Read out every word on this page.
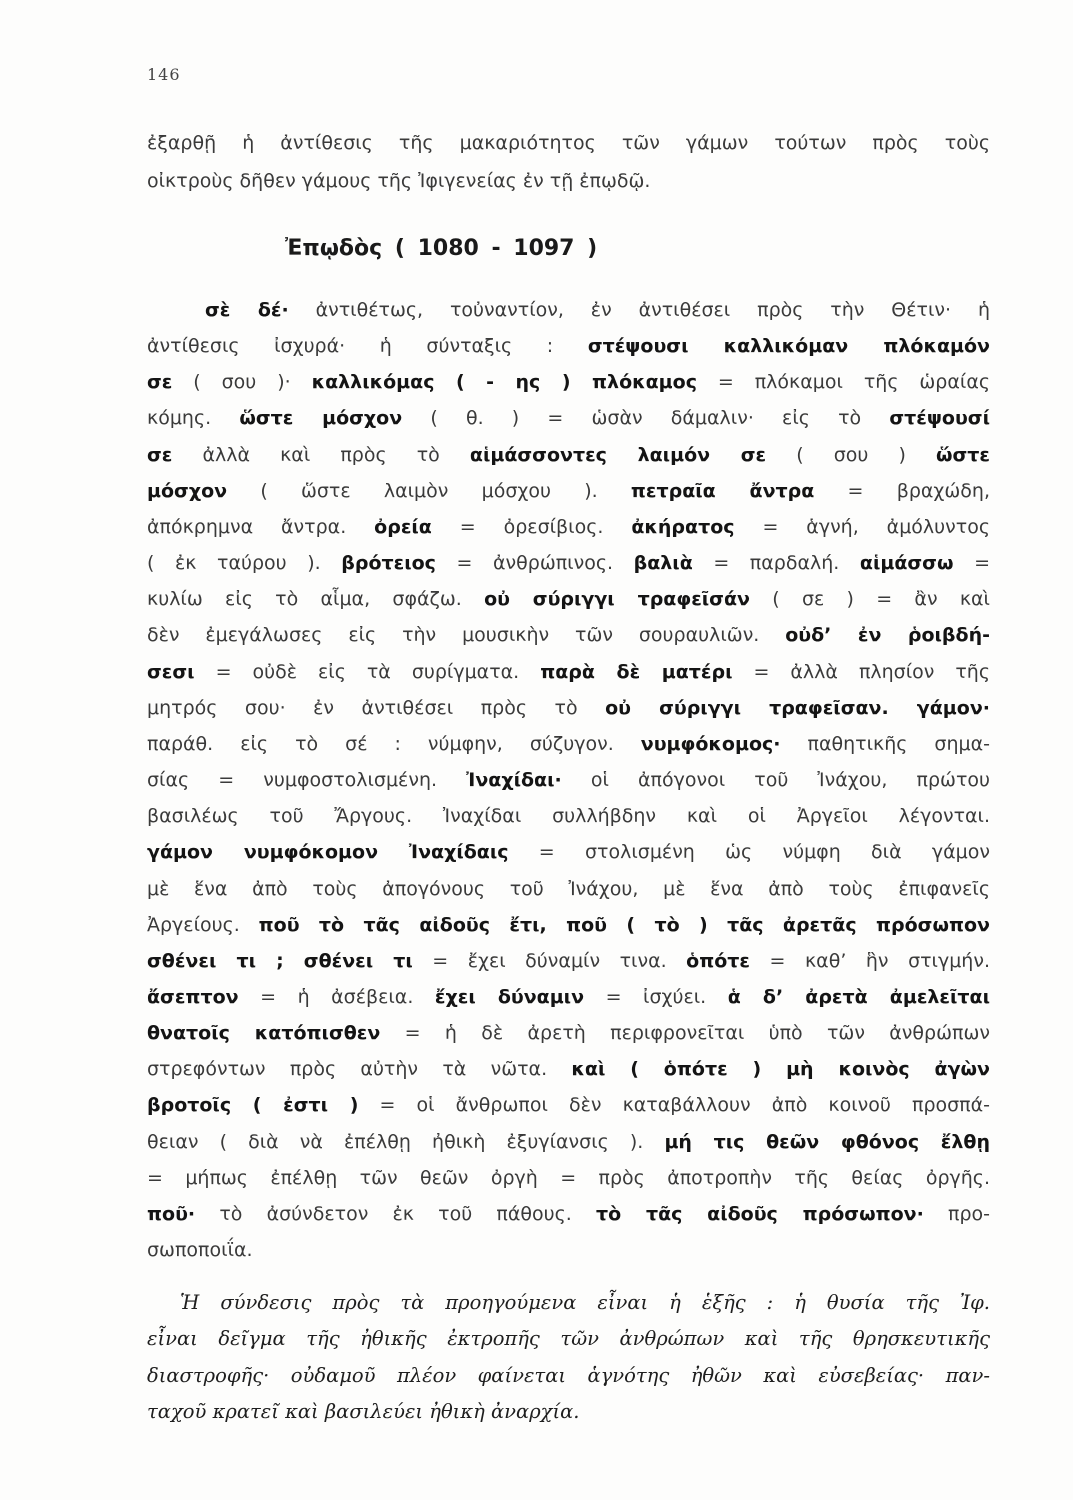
146
ἐξαρθῇ ἡ ἀντίθεσις τῆς μακαριότητος τῶν γάμων τούτων πρὸς τοὺς
οἰκτροὺς δῆθεν γάμους τῆς Ἰφιγενείας ἐν τῇ ἐπῳδῷ.
Ἐπῳδὸς ( 1080 - 1097 )
σὲ δέ· ἀντιθέτως, τοὐναντίον, ἐν ἀντιθέσει πρὸς τὴν Θέτιν· ἡ
ἀντίθεσις ἰσχυρά· ἡ σύνταξις : στέψουσι καλλικόμαν πλόκαμόν
σε ( σου )· καλλικόμας ( - ης ) πλόκαμος = πλόκαμοι τῆς ὡραίας
κόμης. ὥστε μόσχον ( θ. ) = ὡσὰν δάμαλιν· εἰς τὸ στέψουσί
σε ἀλλὰ καὶ πρὸς τὸ αἱμάσσοντες λαιμόν σε ( σου ) ὥστε
μόσχον ( ὥστε λαιμὸν μόσχου ). πετραῖα ἄντρα = βραχώδη,
ἀπόκρημνα ἄντρα. ὀρεία = ὀρεσίβιος. ἀκήρατος = ἁγνή, ἀμόλυντος
( ἐκ ταύρου ). βρότειος = ἀνθρώπινος. βαλιὰ = παρδαλή. αἱμάσσω =
κυλίω εἰς τὸ αἷμα, σφάζω. οὐ σύριγγι τραφεῖσάν ( σε ) = ἂν καὶ
δὲν ἐμεγάλωσες εἰς τὴν μουσικὴν τῶν σουραυλιῶν. οὐδ’ ἐν ῥοιβδή-
σεσι = οὐδὲ εἰς τὰ συρίγματα. παρὰ δὲ ματέρι = ἀλλὰ πλησίον τῆς
μητρός σου· ἐν ἀντιθέσει πρὸς τὸ οὐ σύριγγι τραφεῖσαν. γάμον·
παράθ. εἰς τὸ σέ : νύμφην, σύζυγον. νυμφόκομος· παθητικῆς σημα-
σίας = νυμφοστολισμένη. Ἰναχίδαι· οἱ ἀπόγονοι τοῦ Ἰνάχου, πρώτου
βασιλέως τοῦ Ἄργους. Ἰναχίδαι συλλήβδην καὶ οἱ Ἀργεῖοι λέγονται.
γάμον νυμφόκομον Ἰναχίδαις = στολισμένη ὡς νύμφη διὰ γάμον
μὲ ἕνα ἀπὸ τοὺς ἀπογόνους τοῦ Ἰνάχου, μὲ ἕνα ἀπὸ τοὺς ἐπιφανεῖς
Ἀργείους. ποῦ τὸ τᾶς αἰδοῦς ἔτι, ποῦ ( τὸ ) τᾶς ἀρετᾶς πρόσωπον
σθένει τι ; σθένει τι = ἔχει δύναμίν τινα. ὁπότε = καθ’ ἣν στιγμήν.
ἄσεπτον = ἡ ἀσέβεια. ἔχει δύναμιν = ἰσχύει. ἁ δ’ ἀρετὰ ἀμελεῖται
θνατοῖς κατόπισθεν = ἡ δὲ ἀρετὴ περιφρονεῖται ὑπὸ τῶν ἀνθρώπων
στρεφόντων πρὸς αὐτὴν τὰ νῶτα. καὶ ( ὁπότε ) μὴ κοινὸς ἀγὼν
βροτοῖς ( ἐστι ) = οἱ ἄνθρωποι δὲν καταβάλλουν ἀπὸ κοινοῦ προσπά-
θειαν ( διὰ νὰ ἐπέλθῃ ἠθικὴ ἐξυγίανσις ). μή τις θεῶν φθόνος ἔλθῃ
= μήπως ἐπέλθῃ τῶν θεῶν ὀργὴ = πρὸς ἀποτροπὴν τῆς θείας ὀργῆς.
ποῦ· τὸ ἀσύνδετον ἐκ τοῦ πάθους. τὸ τᾶς αἰδοῦς πρόσωπον· προ-
σωποποιΐα.
Ἡ σύνδεσις πρὸς τὰ προηγούμενα εἶναι ἡ ἑξῆς : ἡ θυσία τῆς Ἰφ.
εἶναι δεῖγμα τῆς ἠθικῆς ἐκτροπῆς τῶν ἀνθρώπων καὶ τῆς θρησκευτικῆς
διαστροφῆς· οὐδαμοῦ πλέον φαίνεται ἁγνότης ἠθῶν καὶ εὐσεβείας· παν-
ταχοῦ κρατεῖ καὶ βασιλεύει ἠθικὴ ἀναρχία.
